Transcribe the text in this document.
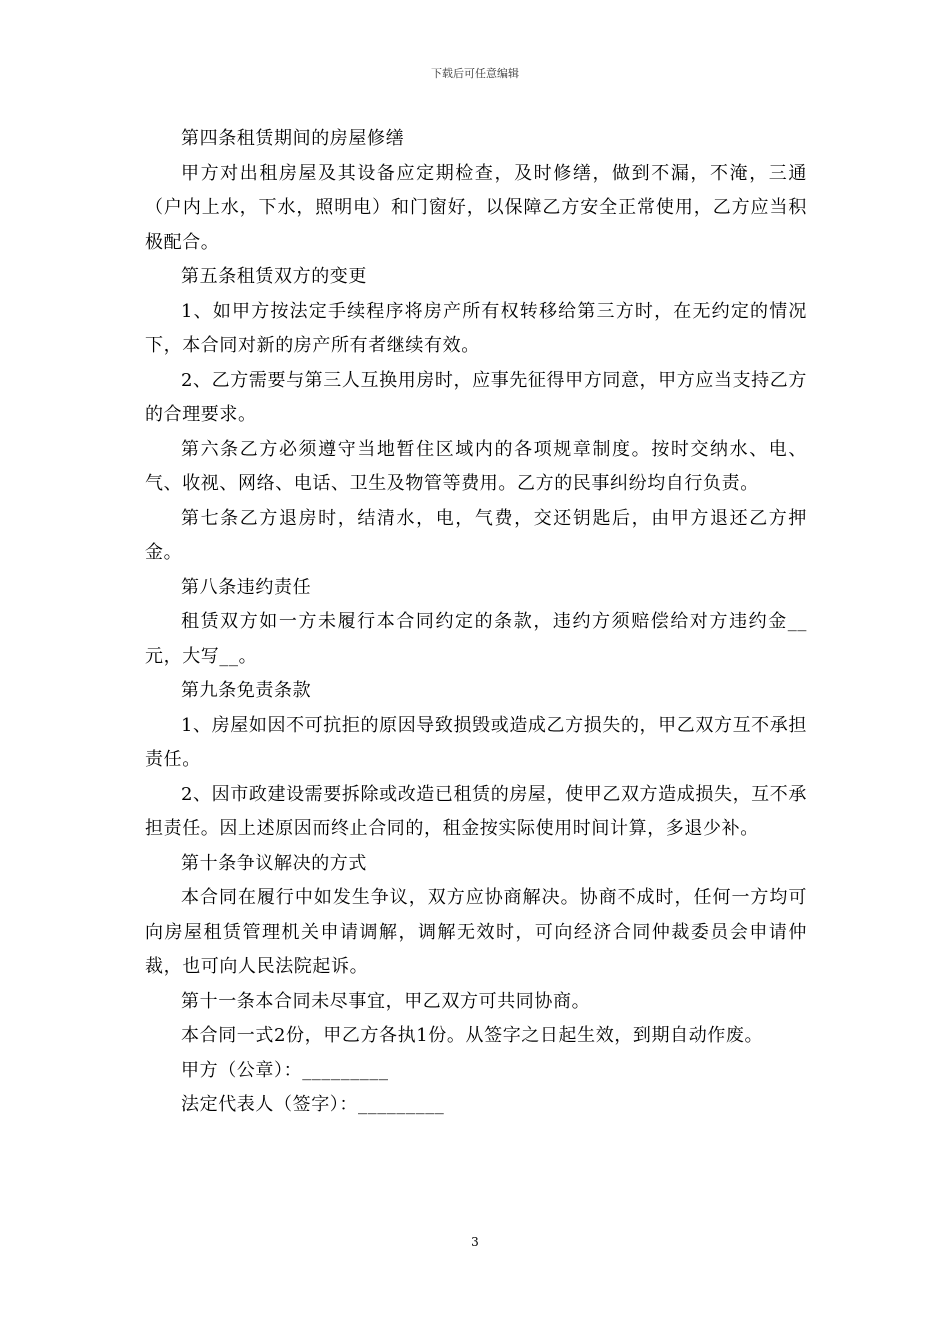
下载后可任意编辑

第四条租赁期间的房屋修缮

甲方对出租房屋及其设备应定期检查，及时修缮，做到不漏，不淹，三通（户内上水，下水，照明电）和门窗好，以保障乙方安全正常使用，乙方应当积极配合。

第五条租赁双方的变更

1、如甲方按法定手续程序将房产所有权转移给第三方时，在无约定的情况下，本合同对新的房产所有者继续有效。

2、乙方需要与第三人互换用房时，应事先征得甲方同意，甲方应当支持乙方的合理要求。

第六条乙方必须遵守当地暂住区域内的各项规章制度。按时交纳水、电、气、收视、网络、电话、卫生及物管等费用。乙方的民事纠纷均自行负责。

第七条乙方退房时，结清水，电，气费，交还钥匙后，由甲方退还乙方押金。

第八条违约责任

租赁双方如一方未履行本合同约定的条款，违约方须赔偿给对方违约金__元，大写__。

第九条免责条款

1、房屋如因不可抗拒的原因导致损毁或造成乙方损失的，甲乙双方互不承担责任。

2、因市政建设需要拆除或改造已租赁的房屋，使甲乙双方造成损失，互不承担责任。因上述原因而终止合同的，租金按实际使用时间计算，多退少补。

第十条争议解决的方式

本合同在履行中如发生争议，双方应协商解决。协商不成时，任何一方均可向房屋租赁管理机关申请调解，调解无效时，可向经济合同仲裁委员会申请仲裁，也可向人民法院起诉。

第十一条本合同未尽事宜，甲乙双方可共同协商。

本合同一式2份，甲乙方各执1份。从签字之日起生效，到期自动作废。

甲方（公章）：_________

法定代表人（签字）：_________

3
